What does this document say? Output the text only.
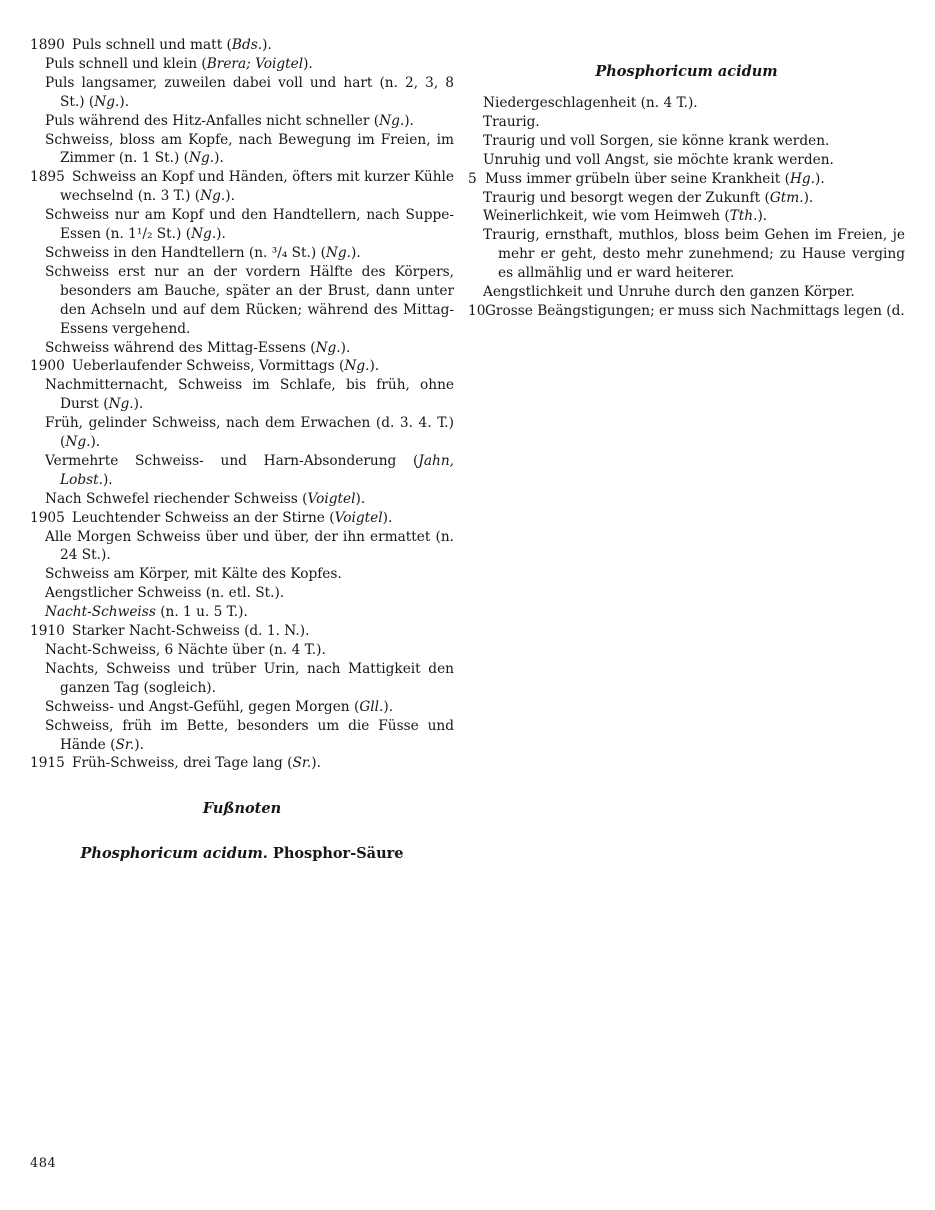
1890 Puls schnell und matt (Bds.).
Puls schnell und klein (Brera; Voigtel).
Puls langsamer, zuweilen dabei voll und hart (n. 2, 3, 8 St.) (Ng.).
Puls während des Hitz-Anfalles nicht schneller (Ng.).
Schweiss, bloss am Kopfe, nach Bewegung im Freien, im Zimmer (n. 1 St.) (Ng.).
1895 Schweiss an Kopf und Händen, öfters mit kurzer Kühle wechselnd (n. 3 T.) (Ng.).
Schweiss nur am Kopf und den Handtellern, nach Suppe-Essen (n. 1¹/₂ St.) (Ng.).
Schweiss in den Handtellern (n. ³/₄ St.) (Ng.).
Schweiss erst nur an der vordern Hälfte des Körpers, besonders am Bauche, später an der Brust, dann unter den Achseln und auf dem Rücken; während des Mittag-Essens vergehend.
Schweiss während des Mittag-Essens (Ng.).
1900 Ueberlaufender Schweiss, Vormittags (Ng.).
Nachmitternacht, Schweiss im Schlafe, bis früh, ohne Durst (Ng.).
Früh, gelinder Schweiss, nach dem Erwachen (d. 3. 4. T.) (Ng.).
Vermehrte Schweiss- und Harn-Absonderung (Jahn, Lobst.).
Nach Schwefel riechender Schweiss (Voigtel).
1905 Leuchtender Schweiss an der Stirne (Voigtel).
Alle Morgen Schweiss über und über, der ihn ermattet (n. 24 St.).
Schweiss am Körper, mit Kälte des Kopfes.
Aengstlicher Schweiss (n. etl. St.).
Nacht-Schweiss (n. 1 u. 5 T.).
1910 Starker Nacht-Schweiss (d. 1. N.).
Nacht-Schweiss, 6 Nächte über (n. 4 T.).
Nachts, Schweiss und trüber Urin, nach Mattigkeit den ganzen Tag (sogleich).
Schweiss- und Angst-Gefühl, gegen Morgen (Gll.).
Schweiss, früh im Bette, besonders um die Füsse und Hände (Sr.).
1915 Früh-Schweiss, drei Tage lang (Sr.).
Fußnoten

Phosphoricum acidum. Phosphor-Säure

Phosphoricum acidum
Niedergeschlagenheit (n. 4 T.).
Traurig.
Traurig und voll Sorgen, sie könne krank werden.
Unruhig und voll Angst, sie möchte krank werden.
5 Muss immer grübeln über seine Krankheit (Hg.).
Traurig und besorgt wegen der Zukunft (Gtm.).
Weinerlichkeit, wie vom Heimweh (Tth.).
Traurig, ernsthaft, muthlos, bloss beim Gehen im Freien, je mehr er geht, desto mehr zunehmend; zu Hause verging es allmählig und er ward heiterer.
Aengstlichkeit und Unruhe durch den ganzen Körper.
10Grosse Beängstigungen; er muss sich Nachmittags legen (d.
484
